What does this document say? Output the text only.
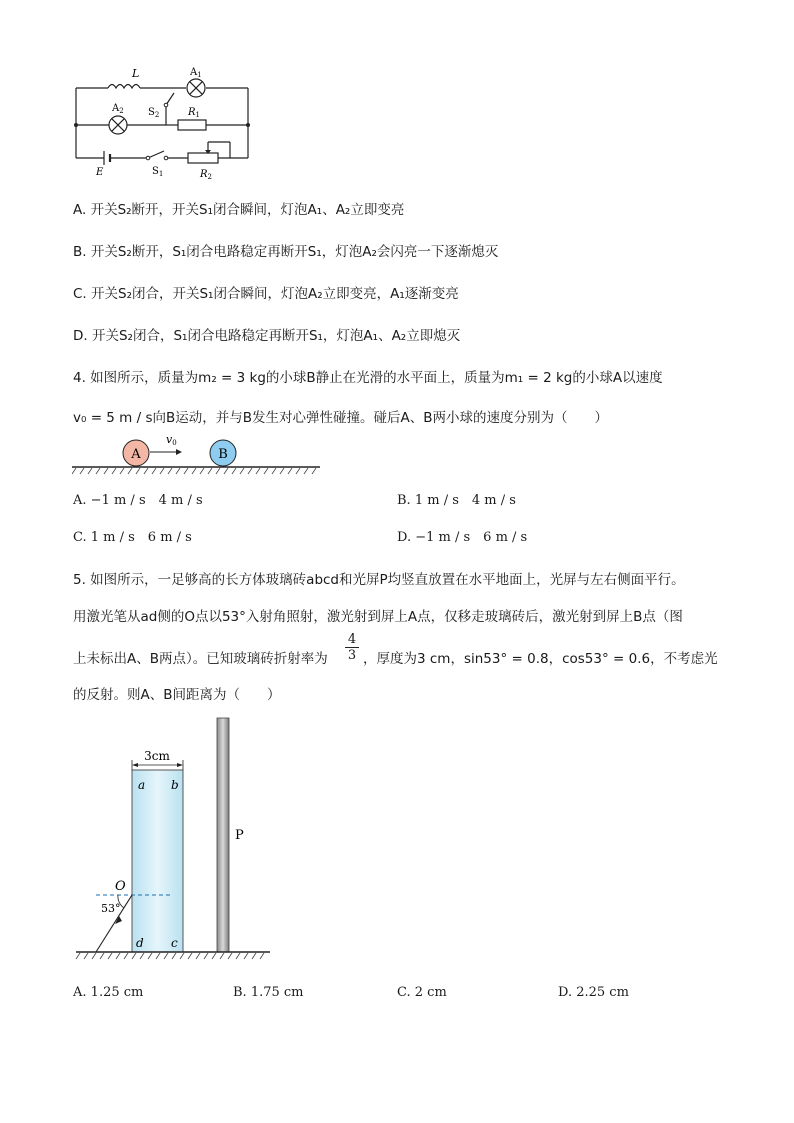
L	$A_1$
$A_2$ $S_2$	$R_1$
E	$S_1$	$R_2$
A. 开关S₂断开，开关S₁闭合瞬间，灯泡A₁、A₂立即变亮
B. 开关S₂断开，S₁闭合电路稳定再断开S₁，灯泡A₂会闪亮一下逐渐熄灭
C. 开关S₂闭合，开关S₁闭合瞬间，灯泡A₂立即变亮，A₁逐渐变亮
D. 开关S₂闭合，S₁闭合电路稳定再断开S₁，灯泡A₁、A₂立即熄灭
4. 如图所示，质量为m₂ = 3 kg的小球B静止在光滑的水平面上，质量为m₁ = 2 kg的小球A以速度
v₀ = 5 m / s向B运动，并与B发生对心弹性碰撞。碰后A、B两小球的速度分别为（　　）
A
v0
B
A. −1 m / s　4 m / s	B. 1 m / s　4 m / s
C. 1 m / s　6 m / s	D. −1 m / s　6 m / s
5. 如图所示，一足够高的长方体玻璃砖abcd和光屏P均竖直放置在水平地面上，光屏与左右侧面平行。
用激光笔从ad侧的O点以53°入射角照射，激光射到屏上A点，仅移走玻璃砖后，激光射到屏上B点（图
上未标出A、B两点）。已知玻璃砖折射率为 $\frac{4}{3}$ ，厚度为3 cm，sin53° = 0.8，cos53° = 0.6，不考虑光
的反射。则A、B间距离为（　　）
3cm
a b
d c
O
53°
P
A. 1.25 cm	B. 1.75 cm	C. 2 cm	D. 2.25 cm
